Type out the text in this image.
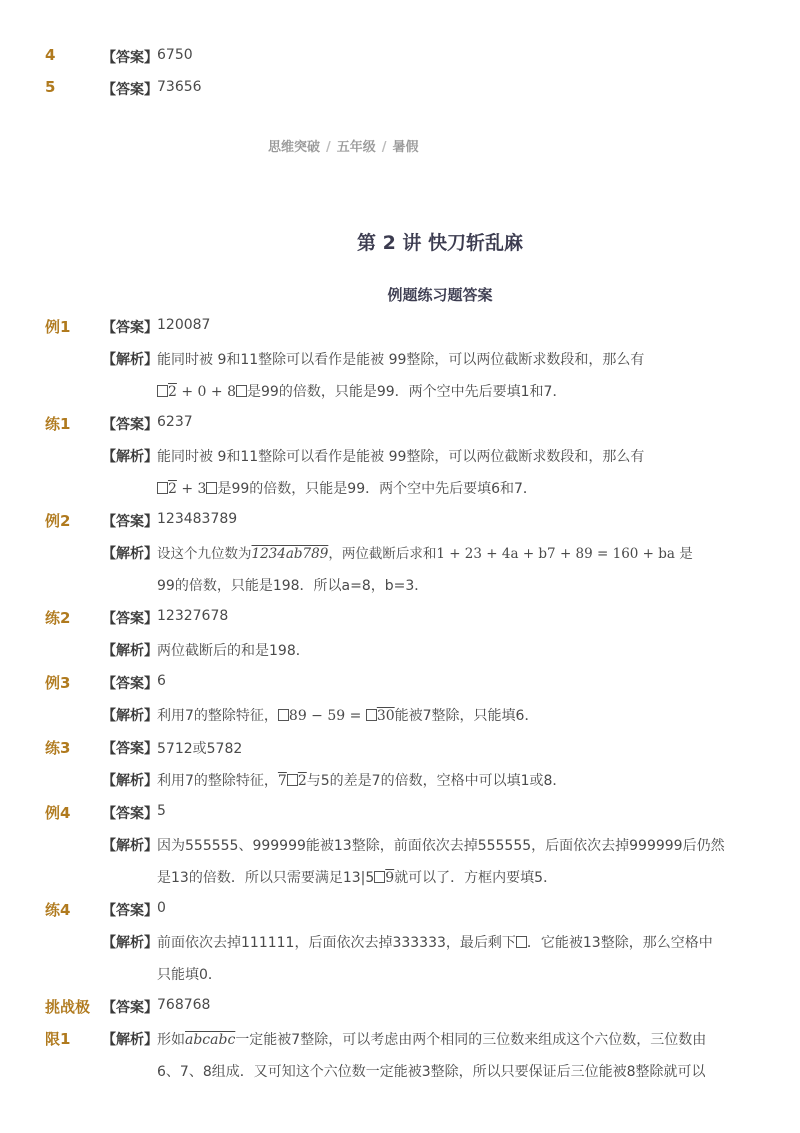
4	【答案】 6750
5	【答案】 73656
思维突破 / 五年级 / 暑假
第 2 讲 快刀斩乱麻
例题练习题答案
例1 【答案】 120087
【解析】 能同时被 9和11整除可以看作是能被 99整除，可以两位截断求数段和，那么有
2 + 0 + 8 是99的倍数，只能是99．两个空中先后要填1和7．
练1 【答案】 6237
【解析】 能同时被 9和11整除可以看作是能被 99整除，可以两位截断求数段和，那么有
2 + 3 是99的倍数，只能是99．两个空中先后要填6和7．
例2 【答案】 123483789
【解析】 设这个九位数为1234ab789，两位截断后求和1 + 23 + 4a + b7 + 89 = 160 + ba 是
99的倍数，只能是198．所以a=8，b=3．
练2 【答案】 12327678
【解析】 两位截断后的和是198．
例3 【答案】 6
【解析】 利用7的整除特征， 89 − 59 = 30能被7整除，只能填6．
练3 【答案】 5712或5782
【解析】 利用7的整除特征，7 2与5的差是7的倍数，空格中可以填1或8．
例4 【答案】 5
【解析】 因为555555、999999能被13整除，前面依次去掉555555，后面依次去掉999999后仍然
是13的倍数．所以只需要满足13|5 9就可以了．方框内要填5．
练4 【答案】 0
【解析】 前面依次去掉111111，后面依次去掉333333，最后剩下 ．它能被13整除，那么空格中
只能填0．
挑战极
限1
【答案】 768768
【解析】 形如abcabc一定能被7整除，可以考虑由两个相同的三位数来组成这个六位数，三位数由
6、7、8组成．又可知这个六位数一定能被3整除，所以只要保证后三位能被8整除就可以
